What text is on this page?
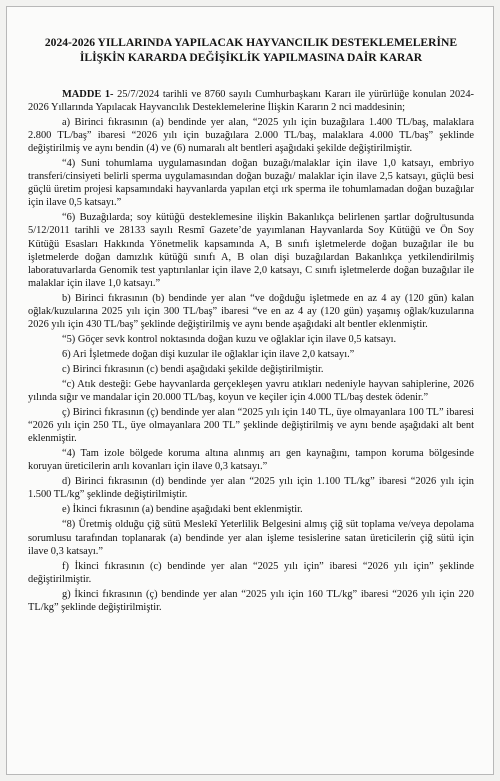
2024-2026 YILLARINDA YAPILACAK HAYVANCILIK DESTEKLEMELERİNE
İLİŞKİN KARARDA DEĞİŞİKLİK YAPILMASINA DAİR KARAR

MADDE 1- 25/7/2024 tarihli ve 8760 sayılı Cumhurbaşkanı Kararı ile yürürlüğe konulan 2024-2026 Yıllarında Yapılacak Hayvancılık Desteklemelerine İlişkin Kararın 2 nci maddesinin;

a) Birinci fıkrasının (a) bendinde yer alan, “2025 yılı için buzağılara 1.400 TL/baş, malaklara 2.800 TL/baş” ibaresi “2026 yılı için buzağılara 2.000 TL/baş, malaklara 4.000 TL/baş” şeklinde değiştirilmiş ve aynı bendin (4) ve (6) numaralı alt bentleri aşağıdaki şekilde değiştirilmiştir.

“4) Suni tohumlama uygulamasından doğan buzağı/malaklar için ilave 1,0 katsayı, embriyo transferi/cinsiyeti belirli sperma uygulamasından doğan buzağı/ malaklar için ilave 2,5 katsayı, güçlü besi güçlü üretim projesi kapsamındaki hayvanlarda yapılan etçi ırk sperma ile tohumlamadan doğan buzağılar için ilave 0,5 katsayı.”

“6) Buzağılarda; soy kütüğü desteklemesine ilişkin Bakanlıkça belirlenen şartlar doğrultusunda 5/12/2011 tarihli ve 28133 sayılı Resmî Gazete’de yayımlanan Hayvanlarda Soy Kütüğü ve Ön Soy Kütüğü Esasları Hakkında Yönetmelik kapsamında A, B sınıfı işletmelerde doğan buzağılar ile bu işletmelerde doğan damızlık kütüğü sınıfı A, B olan dişi buzağılardan Bakanlıkça yetkilendirilmiş laboratuvarlarda Genomik test yaptırılanlar için ilave 2,0 katsayı, C sınıfı işletmelerde doğan buzağılar ile malaklar için ilave 1,0 katsayı.”

b) Birinci fıkrasının (b) bendinde yer alan “ve doğduğu işletmede en az 4 ay (120 gün) kalan oğlak/kuzularına 2025 yılı için 300 TL/baş” ibaresi “ve en az 4 ay (120 gün) yaşamış oğlak/kuzularına 2026 yılı için 430 TL/baş” şeklinde değiştirilmiş ve aynı bende aşağıdaki alt bentler eklenmiştir.

“5) Göçer sevk kontrol noktasında doğan kuzu ve oğlaklar için ilave 0,5 katsayı.

6) Ari İşletmede doğan dişi kuzular ile oğlaklar için ilave 2,0 katsayı.”

c) Birinci fıkrasının (c) bendi aşağıdaki şekilde değiştirilmiştir.

“c) Atık desteği: Gebe hayvanlarda gerçekleşen yavru atıkları nedeniyle hayvan sahiplerine, 2026 yılında sığır ve mandalar için 20.000 TL/baş, koyun ve keçiler için 4.000 TL/baş destek ödenir.”

ç) Birinci fıkrasının (ç) bendinde yer alan “2025 yılı için 140 TL, üye olmayanlara 100 TL” ibaresi “2026 yılı için 250 TL, üye olmayanlara 200 TL” şeklinde değiştirilmiş ve aynı bende aşağıdaki alt bent eklenmiştir.

“4) Tam izole bölgede koruma altına alınmış arı gen kaynağını, tampon koruma bölgesinde koruyan üreticilerin arılı kovanları için ilave 0,3 katsayı.”

d) Birinci fıkrasının (d) bendinde yer alan “2025 yılı için 1.100 TL/kg” ibaresi “2026 yılı için 1.500 TL/kg” şeklinde değiştirilmiştir.

e) İkinci fıkrasının (a) bendine aşağıdaki bent eklenmiştir.

“8) Üretmiş olduğu çiğ sütü Meslekî Yeterlilik Belgesini almış çiğ süt toplama ve/veya depolama sorumlusu tarafından toplanarak (a) bendinde yer alan işleme tesislerine satan üreticilerin çiğ sütü için ilave 0,3 katsayı.”

f) İkinci fıkrasının (c) bendinde yer alan “2025 yılı için” ibaresi “2026 yılı için” şeklinde değiştirilmiştir.

g) İkinci fıkrasının (ç) bendinde yer alan “2025 yılı için 160 TL/kg” ibaresi “2026 yılı için 220 TL/kg” şeklinde değiştirilmiştir.
